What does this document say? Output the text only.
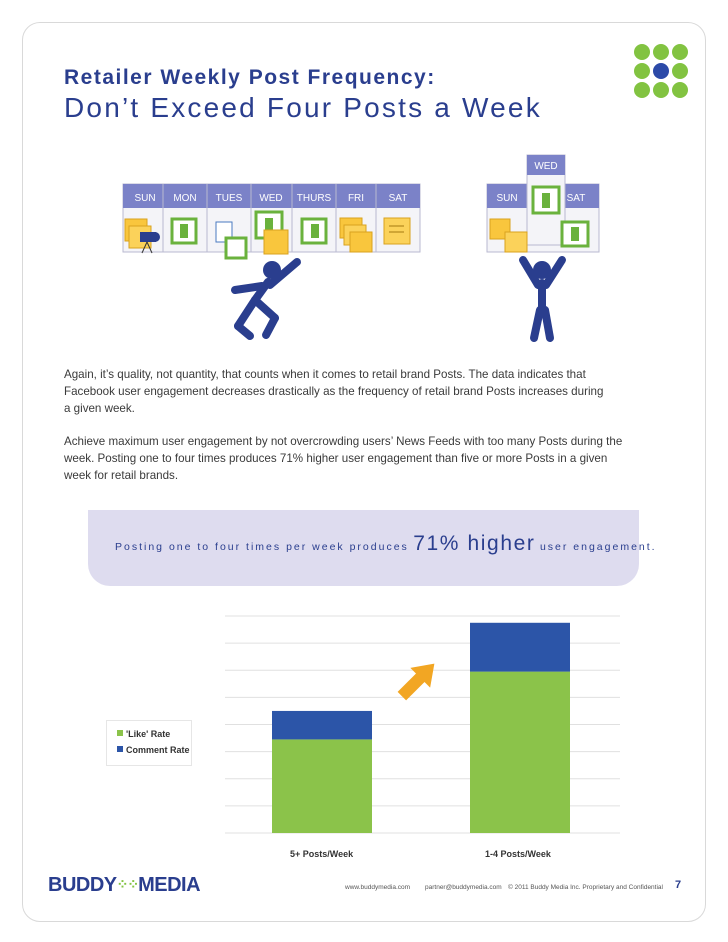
Retailer Weekly Post Frequency:
Don’t Exceed Four Posts a Week
SUN MON TUES WED THURS FRI SAT	SUN
WED
SAT
Again, it’s quality, not quantity, that counts when it comes to retail brand Posts. The data indicates that
Facebook user engagement decreases drastically as the frequency of retail brand Posts increases during
a given week.
Achieve maximum user engagement by not overcrowding users’ News Feeds with too many Posts during the
week. Posting one to four times produces 71% higher user engagement than five or more Posts in a given
week for retail brands.
Posting one to four times per week produces 71% higher user engagement.
'Like' Rate
Comment Rate
5+ Posts/Week	1-4 Posts/Week
BUDDY⁘⁘MEDIA	www.buddymedia.com partner@buddymedia.com © 2011 Buddy Media Inc. Proprietary and Confidential 7
